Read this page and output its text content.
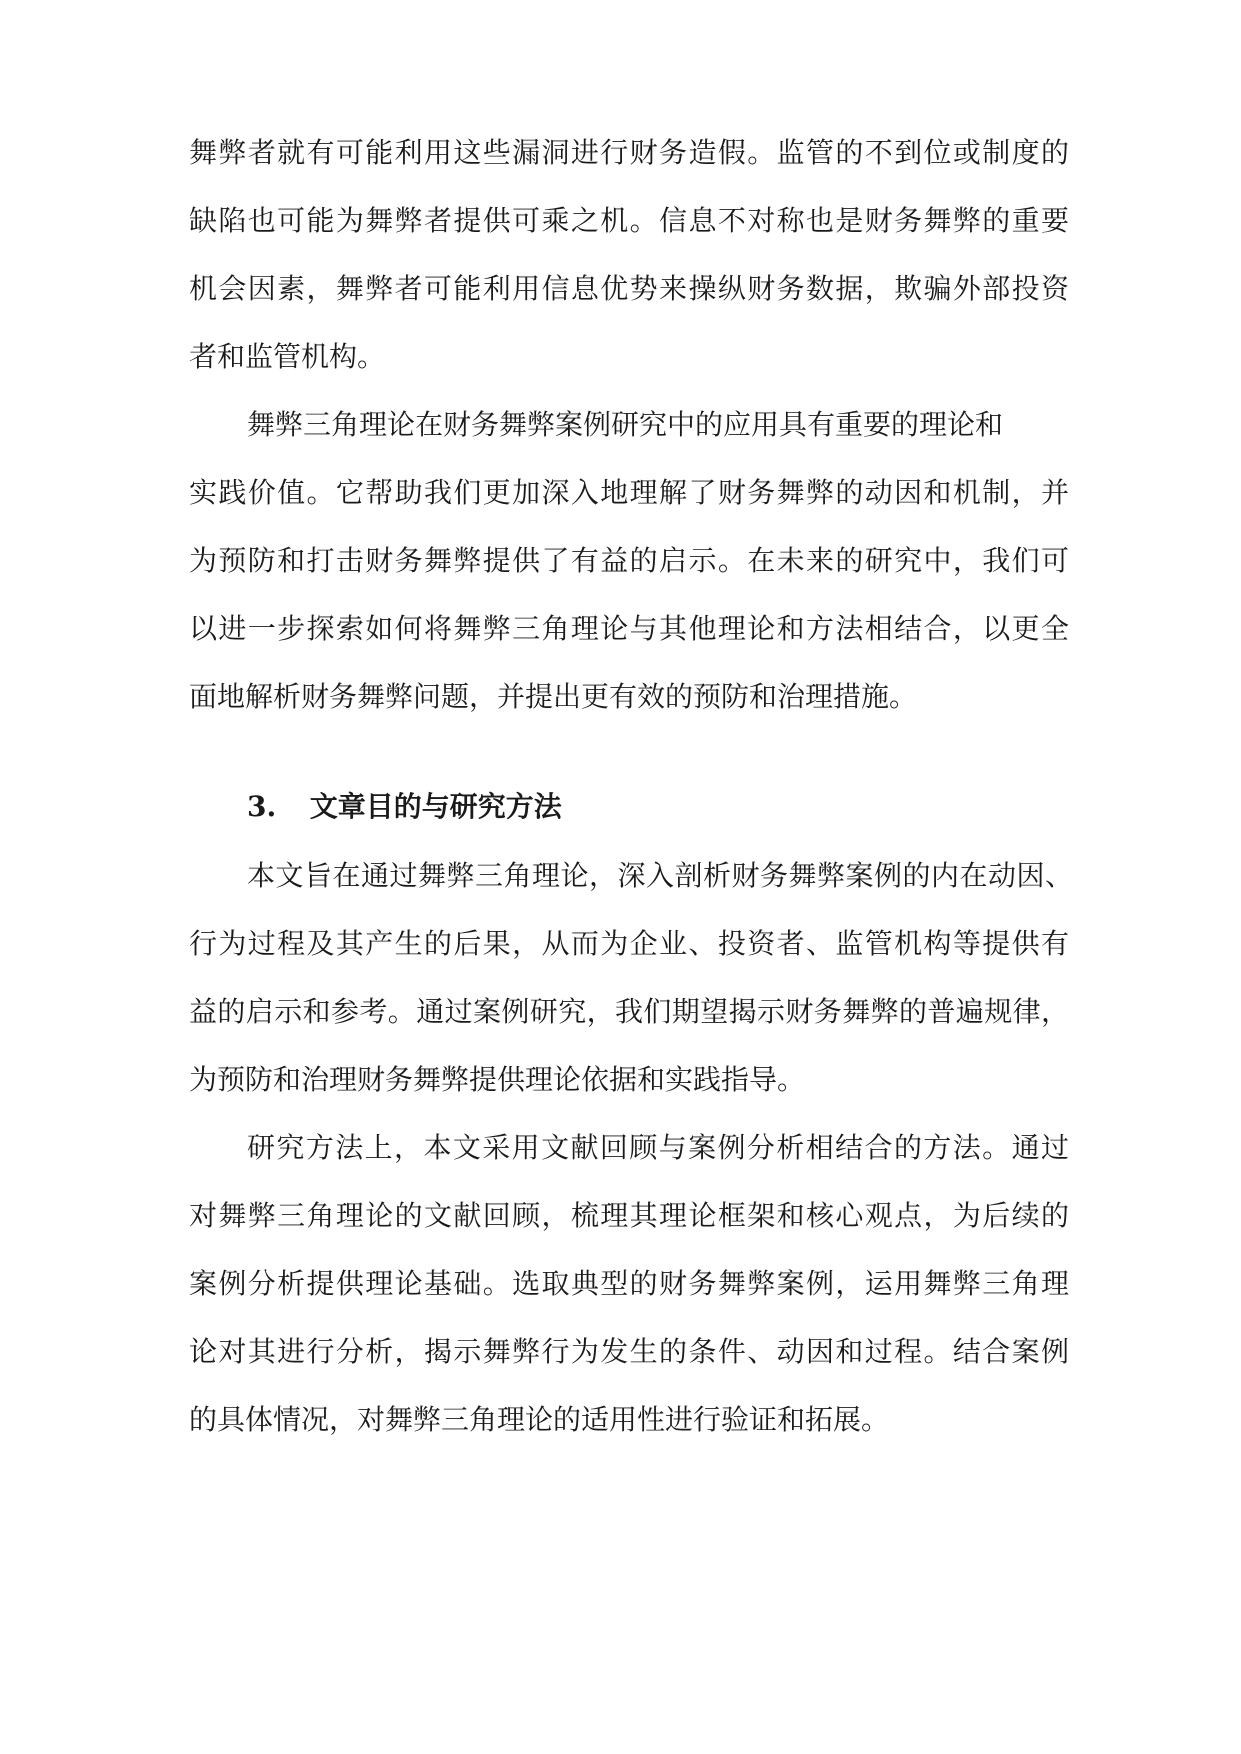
舞弊者就有可能利用这些漏洞进行财务造假。监管的不到位或制度的
缺陷也可能为舞弊者提供可乘之机。信息不对称也是财务舞弊的重要
机会因素，舞弊者可能利用信息优势来操纵财务数据，欺骗外部投资
者和监管机构。
舞弊三角理论在财务舞弊案例研究中的应用具有重要的理论和
实践价值。它帮助我们更加深入地理解了财务舞弊的动因和机制，并
为预防和打击财务舞弊提供了有益的启示。在未来的研究中，我们可
以进一步探索如何将舞弊三角理论与其他理论和方法相结合，以更全
面地解析财务舞弊问题，并提出更有效的预防和治理措施。
3. 文章目的与研究方法
本文旨在通过舞弊三角理论，深入剖析财务舞弊案例的内在动因、
行为过程及其产生的后果，从而为企业、投资者、监管机构等提供有
益的启示和参考。通过案例研究，我们期望揭示财务舞弊的普遍规律，
为预防和治理财务舞弊提供理论依据和实践指导。
研究方法上，本文采用文献回顾与案例分析相结合的方法。通过
对舞弊三角理论的文献回顾，梳理其理论框架和核心观点，为后续的
案例分析提供理论基础。选取典型的财务舞弊案例，运用舞弊三角理
论对其进行分析，揭示舞弊行为发生的条件、动因和过程。结合案例
的具体情况，对舞弊三角理论的适用性进行验证和拓展。
